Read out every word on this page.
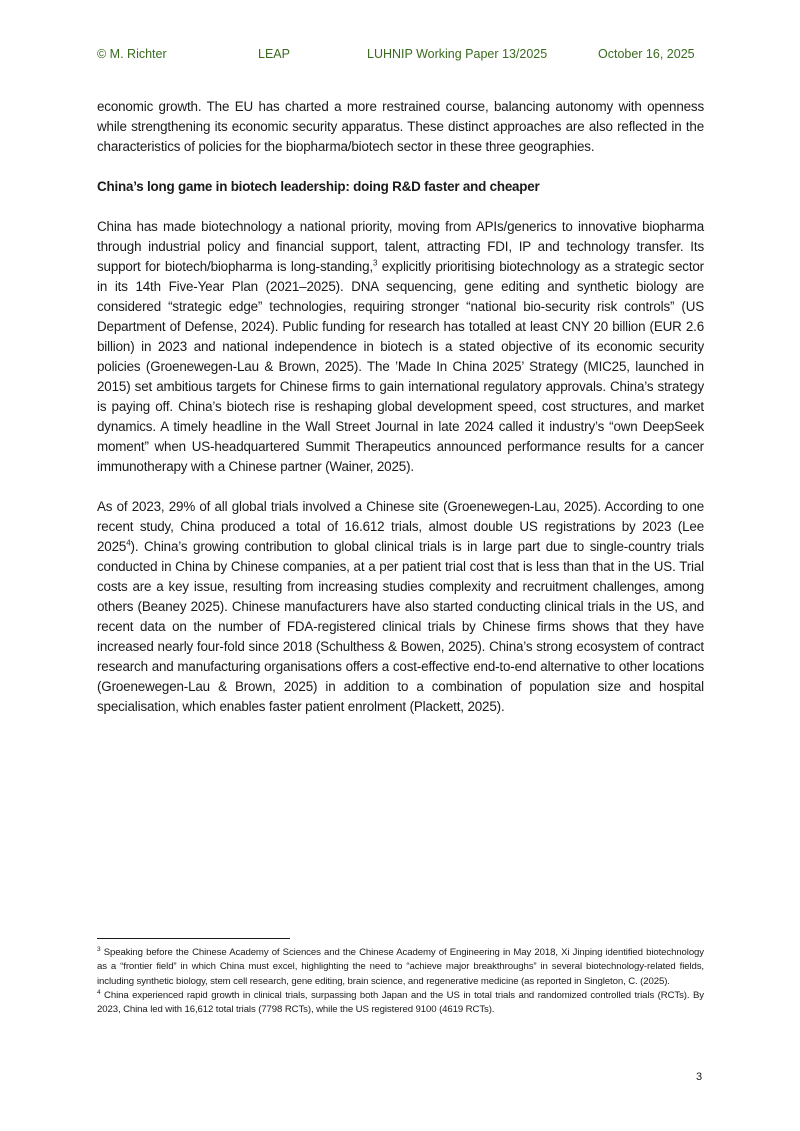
© M. Richter	LEAP	LUHNIP Working Paper 13/2025	October 16, 2025

economic growth. The EU has charted a more restrained course, balancing autonomy with openness while strengthening its economic security apparatus. These distinct approaches are also reflected in the characteristics of policies for the biopharma/biotech sector in these three geographies.

China’s long game in biotech leadership: doing R&D faster and cheaper

China has made biotechnology a national priority, moving from APIs/generics to innovative biopharma through industrial policy and financial support, talent, attracting FDI, IP and technology transfer. Its support for biotech/biopharma is long-standing,$^3$ explicitly prioritising biotechnology as a strategic sector in its 14th Five-Year Plan (2021–2025). DNA sequencing, gene editing and synthetic biology are considered “strategic edge” technologies, requiring stronger “national bio-security risk controls” (US Department of Defense, 2024). Public funding for research has totalled at least CNY 20 billion (EUR 2.6 billion) in 2023 and national independence in biotech is a stated objective of its economic security policies (Groenewegen-Lau & Brown, 2025). The ’Made In China 2025’ Strategy (MIC25, launched in 2015) set ambitious targets for Chinese firms to gain international regulatory approvals. China’s strategy is paying off. China’s biotech rise is reshaping global development speed, cost structures, and market dynamics. A timely headline in the Wall Street Journal in late 2024 called it industry’s “own DeepSeek moment” when US-headquartered Summit Therapeutics announced performance results for a cancer immunotherapy with a Chinese partner (Wainer, 2025).

As of 2023, 29% of all global trials involved a Chinese site (Groenewegen-Lau, 2025). According to one recent study, China produced a total of 16.612 trials, almost double US registrations by 2023 (Lee 2025$^4$). China’s growing contribution to global clinical trials is in large part due to single-country trials conducted in China by Chinese companies, at a per patient trial cost that is less than that in the US. Trial costs are a key issue, resulting from increasing studies complexity and recruitment challenges, among others (Beaney 2025). Chinese manufacturers have also started conducting clinical trials in the US, and recent data on the number of FDA-registered clinical trials by Chinese firms shows that they have increased nearly four-fold since 2018 (Schulthess & Bowen, 2025). China’s strong ecosystem of contract research and manufacturing organisations offers a cost-effective end-to-end alternative to other locations (Groenewegen-Lau & Brown, 2025) in addition to a combination of population size and hospital specialisation, which enables faster patient enrolment (Plackett, 2025).

$^3$ Speaking before the Chinese Academy of Sciences and the Chinese Academy of Engineering in May 2018, Xi Jinping identified biotechnology as a “frontier field” in which China must excel, highlighting the need to “achieve major breakthroughs” in several biotechnology-related fields, including synthetic biology, stem cell research, gene editing, brain science, and regenerative medicine (as reported in Singleton, C. (2025).

$^4$ China experienced rapid growth in clinical trials, surpassing both Japan and the US in total trials and randomized controlled trials (RCTs). By 2023, China led with 16,612 total trials (7798 RCTs), while the US registered 9100 (4619 RCTs).

3
